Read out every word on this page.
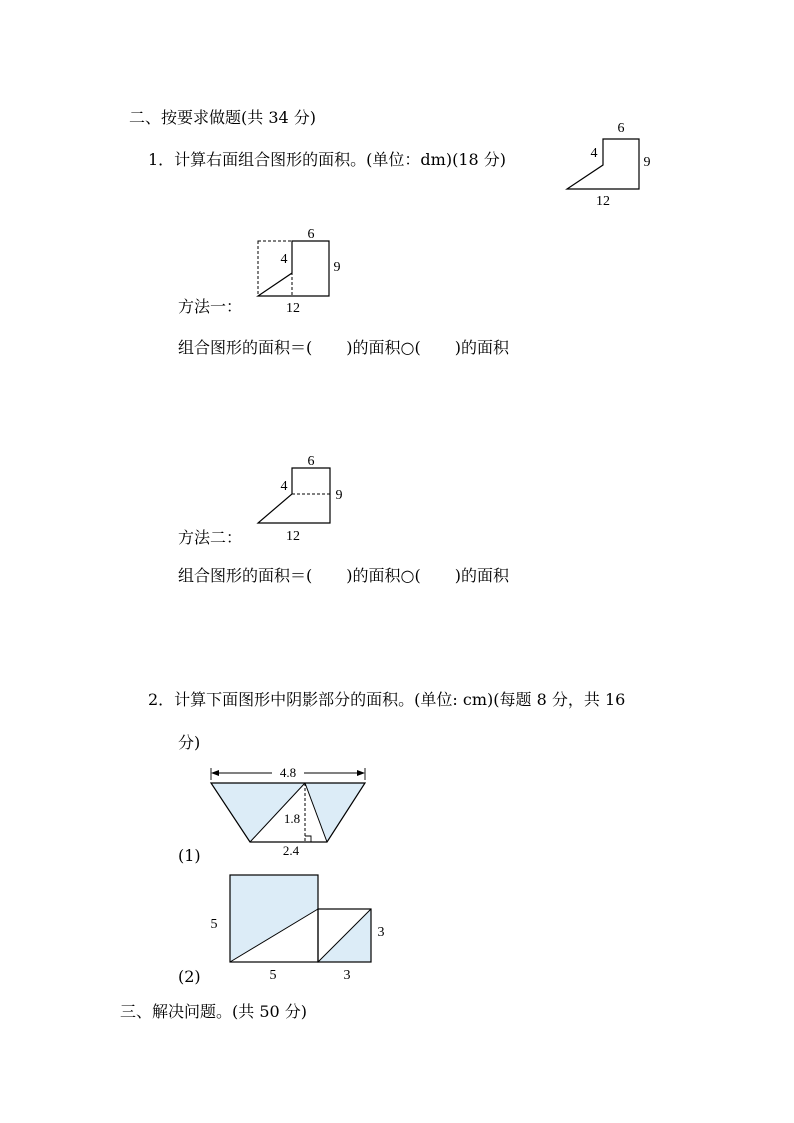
二、按要求做题(共 34 分)
1．计算右面组合图形的面积。(单位：dm)(18 分)
6
4
9
12
6
4
9
12
方法一：
组合图形的面积＝( )的面积○( )的面积
6
4
9
12
方法二：
组合图形的面积＝( )的面积○( )的面积
2．计算下面图形中阴影部分的面积。(单位: cm)(每题 8 分，共 16
分)
4.8
1.8
2.4
(1)
5
5	3
3
(2)
三、解决问题。(共 50 分)
